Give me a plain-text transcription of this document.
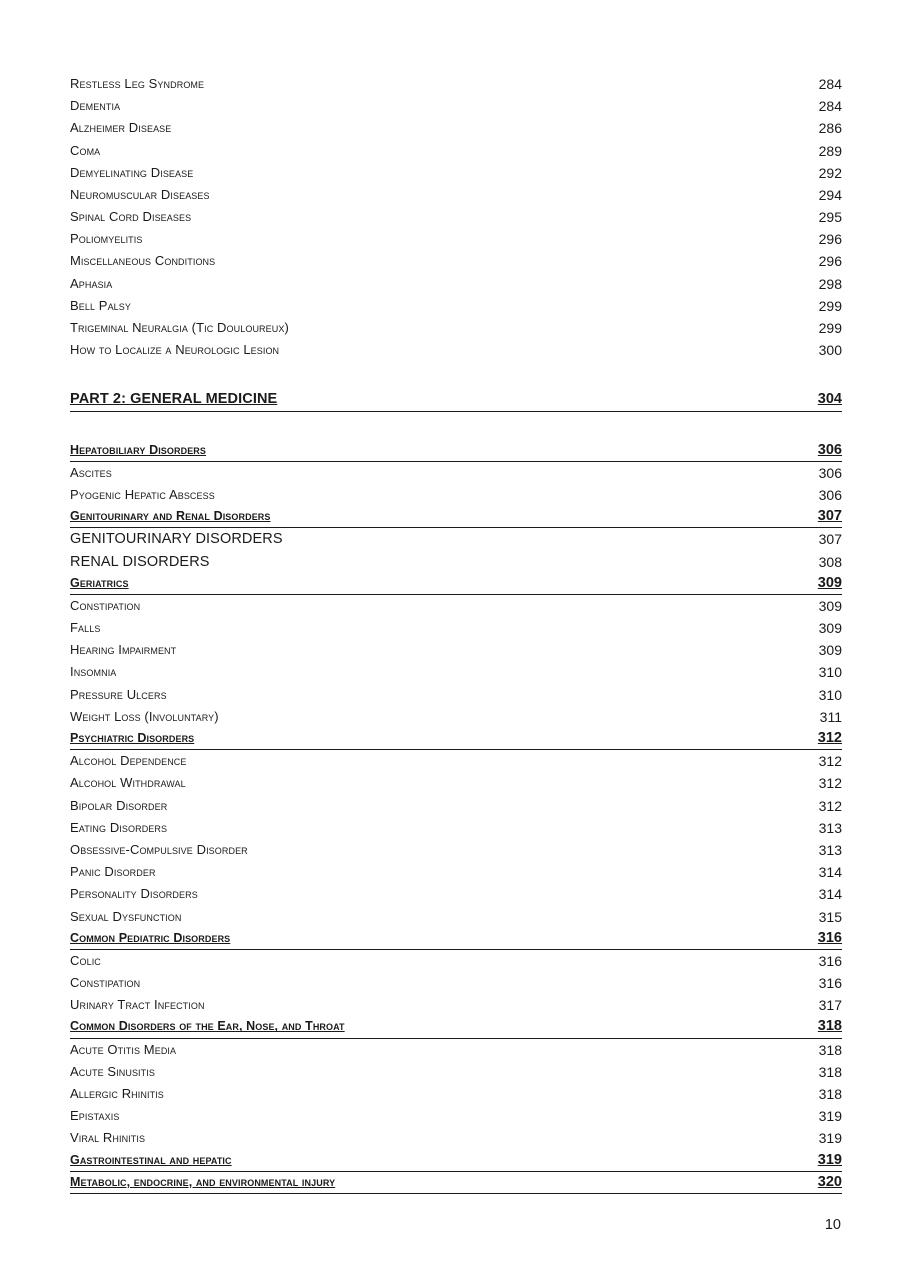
Restless Leg Syndrome	284
Dementia	284
Alzheimer Disease	286
Coma	289
Demyelinating Disease	292
Neuromuscular Diseases	294
Spinal Cord Diseases	295
Poliomyelitis	296
Miscellaneous Conditions	296
Aphasia	298
Bell Palsy	299
Trigeminal Neuralgia (Tic Douloureux)	299
How to Localize a Neurologic Lesion	300
PART 2: GENERAL MEDICINE	304
Hepatobiliary Disorders	306
Ascites	306
Pyogenic Hepatic Abscess	306
Genitourinary and Renal Disorders	307
GENITOURINARY DISORDERS	307
RENAL DISORDERS	308
Geriatrics	309
Constipation	309
Falls	309
Hearing Impairment	309
Insomnia	310
Pressure Ulcers	310
Weight Loss (Involuntary)	311
Psychiatric Disorders	312
Alcohol Dependence	312
Alcohol Withdrawal	312
Bipolar Disorder	312
Eating Disorders	313
Obsessive-Compulsive Disorder	313
Panic Disorder	314
Personality Disorders	314
Sexual Dysfunction	315
Common Pediatric Disorders	316
Colic	316
Constipation	316
Urinary Tract Infection	317
Common Disorders of the Ear, Nose, and Throat	318
Acute Otitis Media	318
Acute Sinusitis	318
Allergic Rhinitis	318
Epistaxis	319
Viral Rhinitis	319
Gastrointestinal and hepatic	319
Metabolic, endocrine, and environmental injury	320
10
